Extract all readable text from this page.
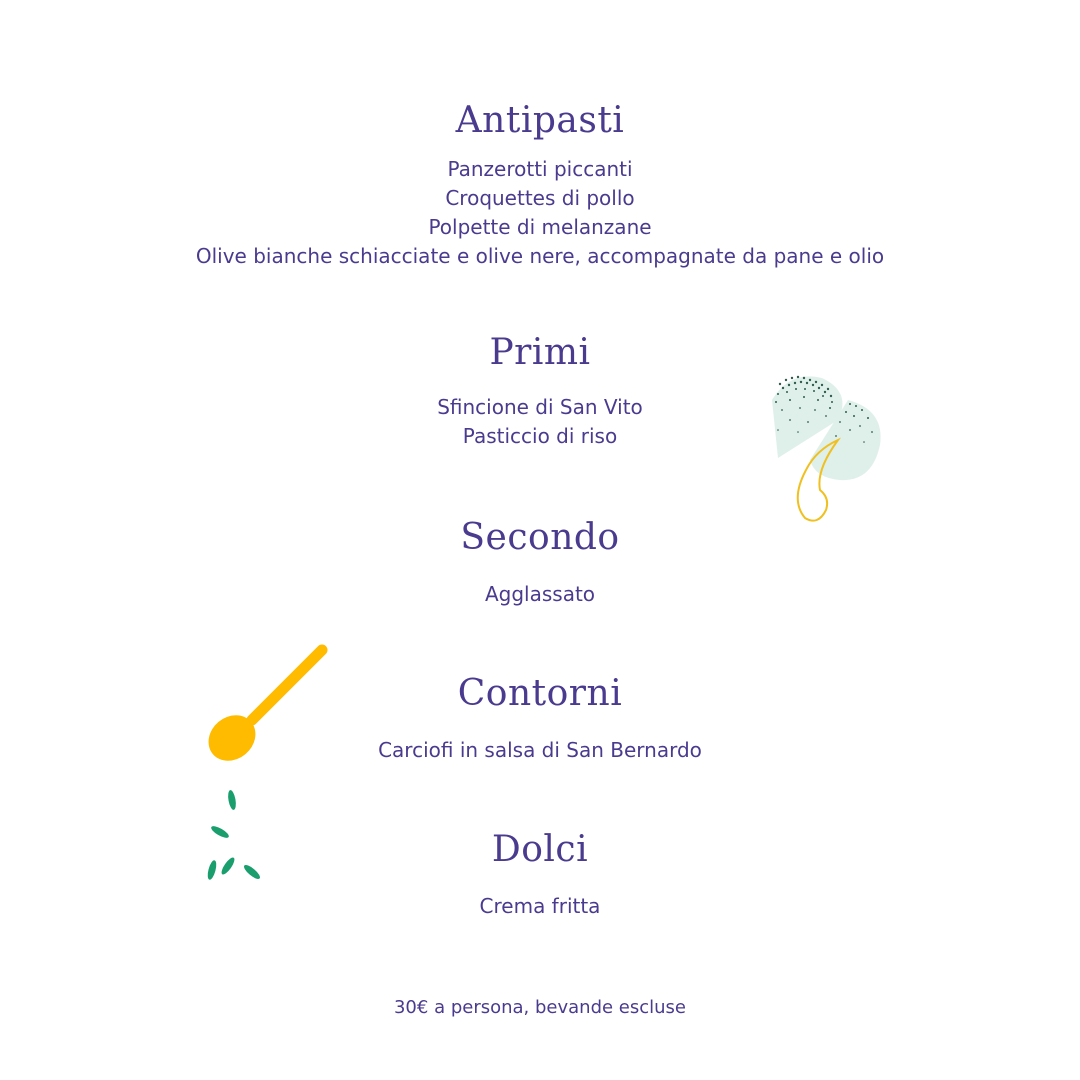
Antipasti
Panzerotti piccanti
Croquettes di pollo
Polpette di melanzane
Olive bianche schiacciate e olive nere, accompagnate da pane e olio
Primi
Sfincione di San Vito
Pasticcio di riso
Secondo
Agglassato
Contorni
Carciofi in salsa di San Bernardo
Dolci
Crema fritta
30€ a persona, bevande escluse
